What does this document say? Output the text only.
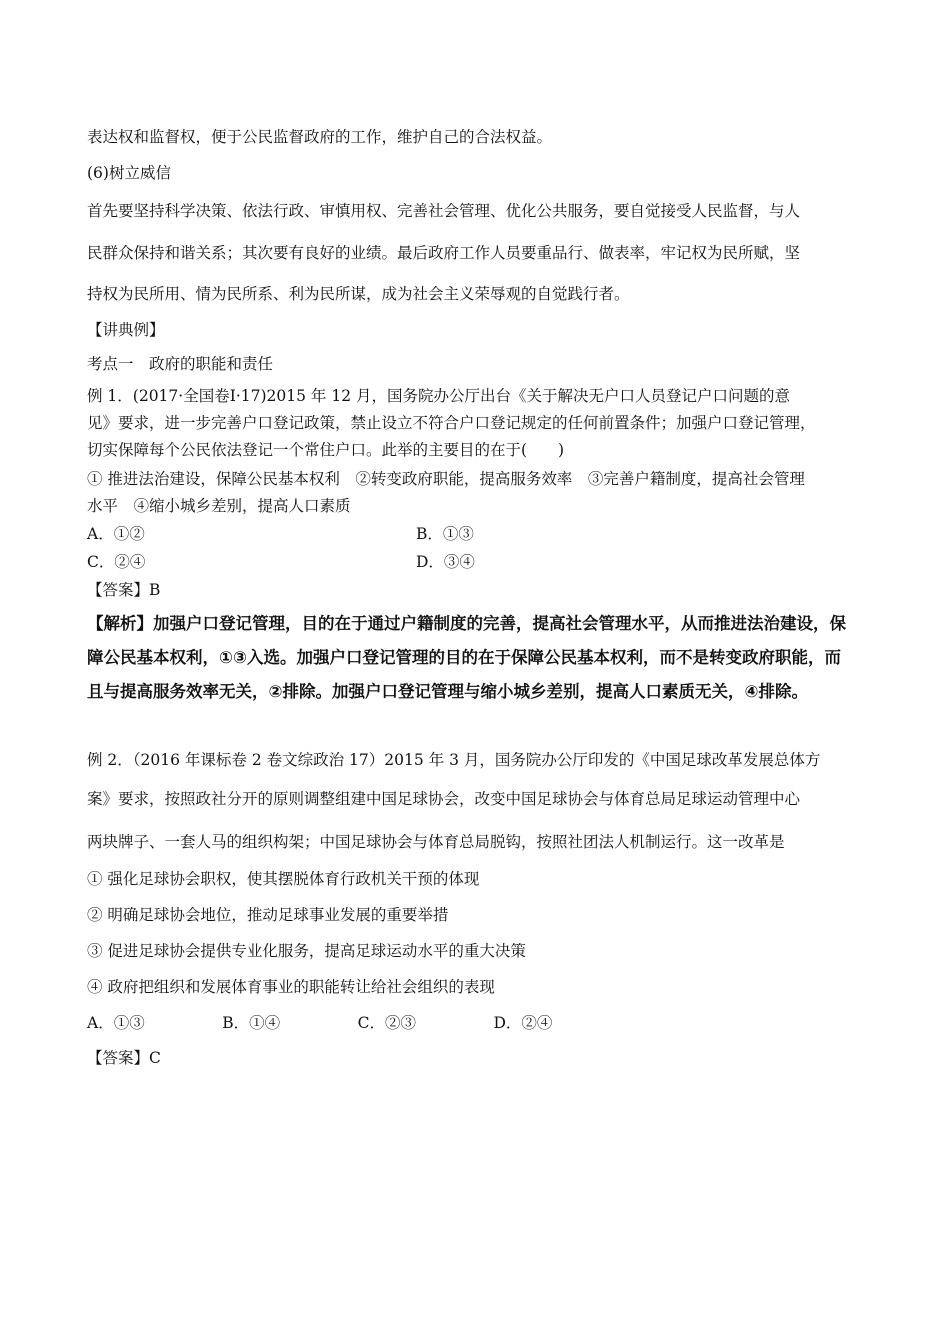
表达权和监督权，便于公民监督政府的工作，维护自己的合法权益。
(6)树立威信
首先要坚持科学决策、依法行政、审慎用权、完善社会管理、优化公共服务，要自觉接受人民监督，与人
民群众保持和谐关系；其次要有良好的业绩。最后政府工作人员要重品行、做表率，牢记权为民所赋，坚
持权为民所用、情为民所系、利为民所谋，成为社会主义荣辱观的自觉践行者。
【讲典例】
考点一　政府的职能和责任
例 1．(2017·全国卷Ⅰ·17)2015 年 12 月，国务院办公厅出台《关于解决无户口人员登记户口问题的意
见》要求，进一步完善户口登记政策，禁止设立不符合户口登记规定的任何前置条件；加强户口登记管理，
切实保障每个公民依法登记一个常住户口。此举的主要目的在于(　　)
① 推进法治建设，保障公民基本权利　②转变政府职能，提高服务效率　③完善户籍制度，提高社会管理
水平　④缩小城乡差别，提高人口素质
A．①②	B．①③
C．②④	D．③④
【答案】B
【解析】加强户口登记管理，目的在于通过户籍制度的完善，提高社会管理水平，从而推进法治建设，保
障公民基本权利，①③入选。加强户口登记管理的目的在于保障公民基本权利，而不是转变政府职能，而
且与提高服务效率无关，②排除。加强户口登记管理与缩小城乡差别，提高人口素质无关，④排除。
例 2．（2016 年课标卷 2 卷文综政治 17）2015 年 3 月，国务院办公厅印发的《中国足球改革发展总体方
案》要求，按照政社分开的原则调整组建中国足球协会，改变中国足球协会与体育总局足球运动管理中心
两块牌子、一套人马的组织构架；中国足球协会与体育总局脱钩，按照社团法人机制运行。这一改革是
① 强化足球协会职权，使其摆脱体育行政机关干预的体现
② 明确足球协会地位，推动足球事业发展的重要举措
③ 促进足球协会提供专业化服务，提高足球运动水平的重大决策
④ 政府把组织和发展体育事业的职能转让给社会组织的表现
A．①③　　　　　B．①④　　　　　C．②③　　　　　D．②④
【答案】C
